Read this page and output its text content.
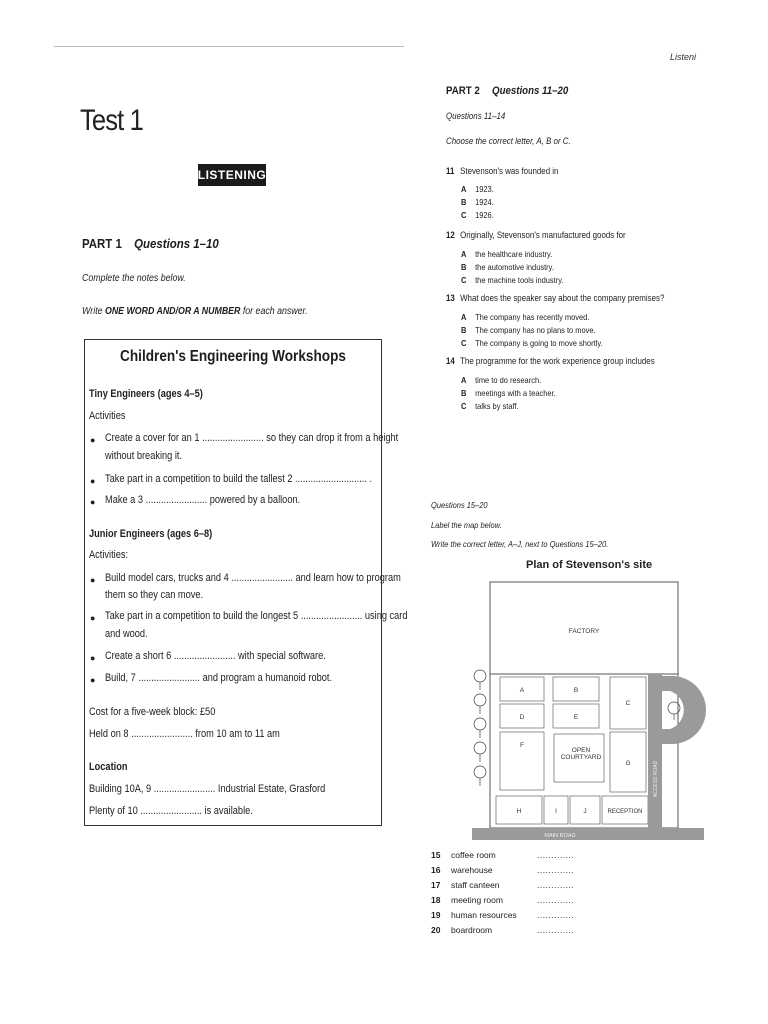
Listeni
Test 1
LISTENING
PART 1 Questions 1–10
Complete the notes below.
Write ONE WORD AND/OR A NUMBER for each answer.
Children's Engineering Workshops
Tiny Engineers (ages 4–5)
Activities
● Create a cover for an 1 ........................ so they can drop it from a height
without breaking it.
● Take part in a competition to build the tallest 2 ............................ .
● Make a 3 ........................ powered by a balloon.
Junior Engineers (ages 6–8)
Activities:
● Build model cars, trucks and 4 ........................ and learn how to program
them so they can move.
● Take part in a competition to build the longest 5 ........................ using card
and wood.
● Create a short 6 ........................ with special software.
● Build, 7 ........................ and program a humanoid robot.
Cost for a five-week block: £50
Held on 8 ........................ from 10 am to 11 am
Location
Building 10A, 9 ........................ Industrial Estate, Grasford
Plenty of 10 ........................ is available.
PART 2 Questions 11–20
Questions 11–14
Choose the correct letter, A, B or C.
11 Stevenson's was founded in
A 1923.
B 1924.
C 1926.
12 Originally, Stevenson's manufactured goods for
A the healthcare industry.
B the automotive industry.
C the machine tools industry.
13 What does the speaker say about the company premises?
A The company has recently moved.
B The company has no plans to move.
C The company is going to move shortly.
14 The programme for the work experience group includes
A time to do research.
B meetings with a teacher.
C talks by staff.
Questions 15–20
Label the map below.
Write the correct letter, A–J, next to Questions 15–20.
Plan of Stevenson's site
FACTORY
A	B
C
D	E
F
G
OPEN
COURTYARD
H	I	J	RECEPTION
MAIN ROAD
ACCESS ROAD
15 coffee room	.............
16 warehouse	.............
17 staff canteen	.............
18 meeting room	.............
19 human resources .............
20 boardroom	.............
